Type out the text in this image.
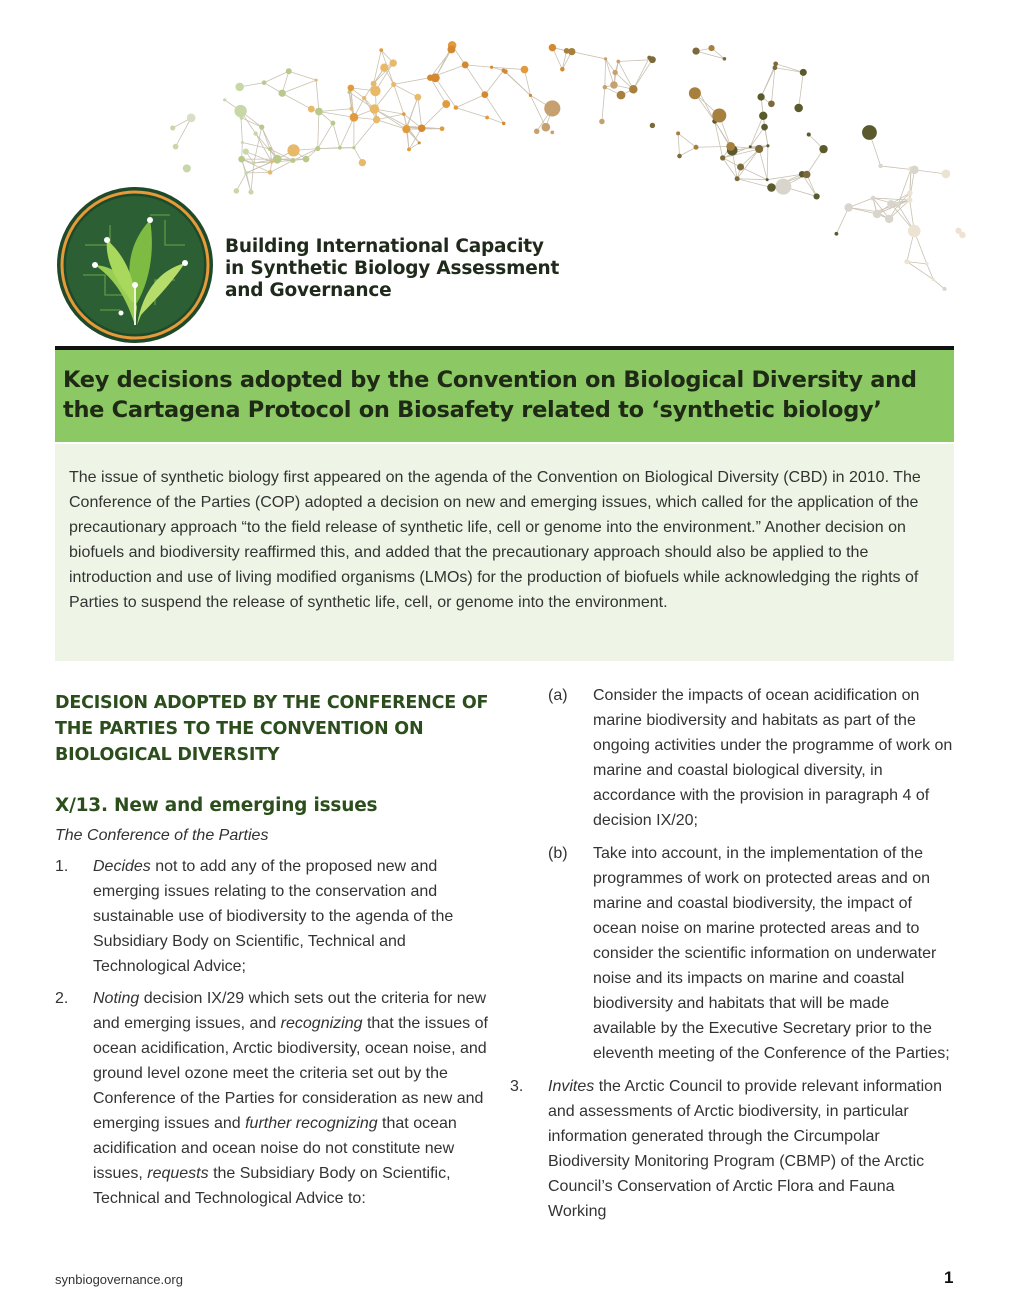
Building International Capacity
in Synthetic Biology Assessment
and Governance
Key decisions adopted by the Convention on Biological Diversity and the Cartagena Protocol on Biosafety related to ‘synthetic biology’

The issue of synthetic biology first appeared on the agenda of the Convention on Biological Diversity (CBD) in 2010. The Conference of the Parties (COP) adopted a decision on new and emerging issues, which called for the application of the precautionary approach “to the field release of synthetic life, cell or genome into the environment.” Another decision on biofuels and biodiversity reaffirmed this, and added that the precautionary approach should also be applied to the introduction and use of living modified organisms (LMOs) for the production of biofuels while acknowledging the rights of Parties to suspend the release of synthetic life, cell, or genome into the environment.

DECISION ADOPTED BY THE CONFERENCE OF THE PARTIES TO THE CONVENTION ON BIOLOGICAL DIVERSITY
X/13. New and emerging issues
The Conference of the Parties
1. Decides not to add any of the proposed new and emerging issues relating to the conservation and sustainable use of biodiversity to the agenda of the Subsidiary Body on Scientific, Technical and Technological Advice;
2. Noting decision IX/29 which sets out the criteria for new and emerging issues, and recognizing that the issues of ocean acidification, Arctic biodiversity, ocean noise, and ground level ozone meet the criteria set out by the Conference of the Parties for consideration as new and emerging issues and further recognizing that ocean acidification and ocean noise do not constitute new issues, requests the Subsidiary Body on Scientific, Technical and Technological Advice to:
(a) Consider the impacts of ocean acidification on marine biodiversity and habitats as part of the ongoing activities under the programme of work on marine and coastal biological diversity, in accordance with the provision in paragraph 4 of decision IX/20;
(b) Take into account, in the implementation of the programmes of work on protected areas and on marine and coastal biodiversity, the impact of ocean noise on marine protected areas and to consider the scientific information on underwater noise and its impacts on marine and coastal biodiversity and habitats that will be made available by the Executive Secretary prior to the eleventh meeting of the Conference of the Parties;
3. Invites the Arctic Council to provide relevant information and assessments of Arctic biodiversity, in particular information generated through the Circumpolar Biodiversity Monitoring Program (CBMP) of the Arctic Council’s Conservation of Arctic Flora and Fauna Working
synbiogovernance.org	1
